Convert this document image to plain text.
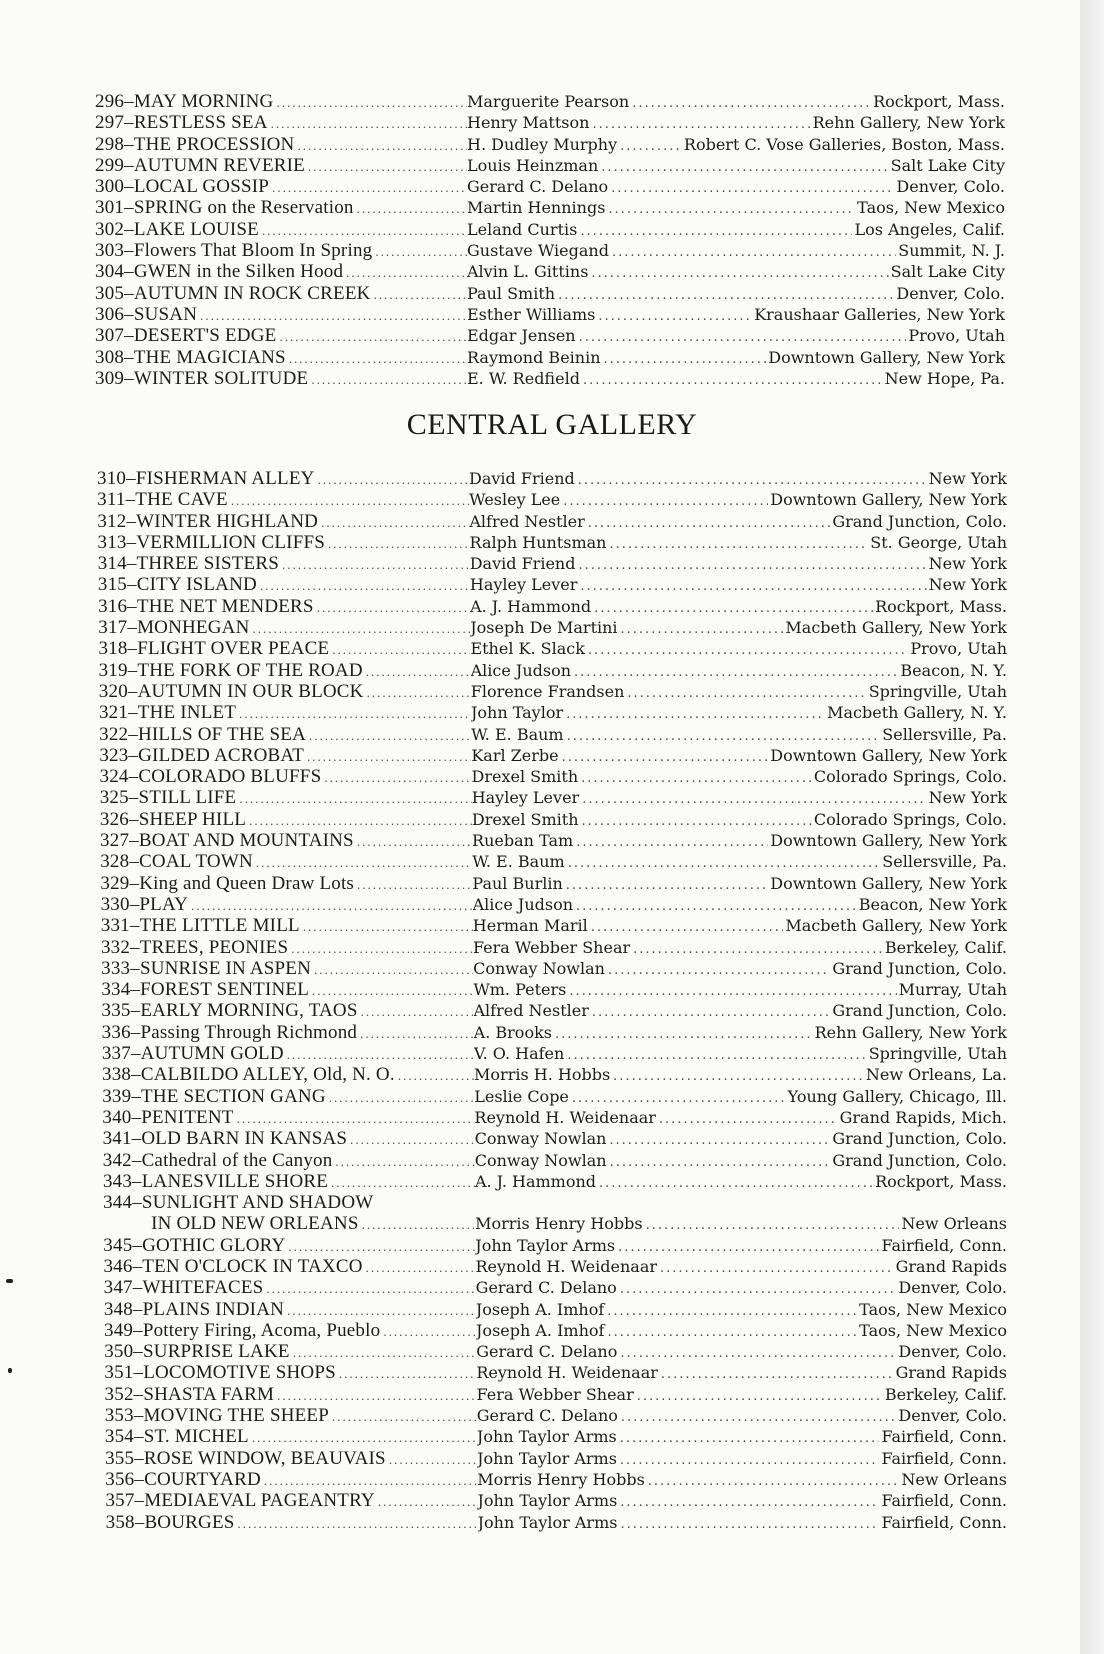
296– MAY MORNING .....	Marguerite Pearson .....	Rockport, Mass.
297– RESTLESS SEA .....	Henry Mattson .....	Rehn Gallery, New York
298– THE PROCESSION .....	H. Dudley Murphy .....	Robert C. Vose Galleries, Boston, Mass.
299– AUTUMN REVERIE .....	Louis Heinzman .....	Salt Lake City
300– LOCAL GOSSIP .....	Gerard C. Delano .....	Denver, Colo.
301– SPRING on the Reservation .....	Martin Hennings .....	Taos, New Mexico
302– LAKE LOUISE .....	Leland Curtis .....	Los Angeles, Calif.
303– Flowers That Bloom In Spring .....	Gustave Wiegand .....	Summit, N. J.
304– GWEN in the Silken Hood .....	Alvin L. Gittins .....	Salt Lake City
305– AUTUMN IN ROCK CREEK .....	Paul Smith .....	Denver, Colo.
306– SUSAN .....	Esther Williams .....	Kraushaar Galleries, New York
307– DESERT'S EDGE .....	Edgar Jensen .....	Provo, Utah
308– THE MAGICIANS .....	Raymond Beinin .....	Downtown Gallery, New York
309– WINTER SOLITUDE .....	E. W. Redfield .....	New Hope, Pa.
CENTRAL GALLERY
310– FISHERMAN ALLEY .....	David Friend .....	New York
311– THE CAVE .....	Wesley Lee .....	Downtown Gallery, New York
312– WINTER HIGHLAND .....	Alfred Nestler .....	Grand Junction, Colo.
313– VERMILLION CLIFFS .....	Ralph Huntsman .....	St. George, Utah
314– THREE SISTERS .....	David Friend .....	New York
315– CITY ISLAND .....	Hayley Lever .....	New York
316– THE NET MENDERS .....	A. J. Hammond .....	Rockport, Mass.
317– MONHEGAN .....	Joseph De Martini .....	Macbeth Gallery, New York
318– FLIGHT OVER PEACE .....	Ethel K. Slack .....	Provo, Utah
319– THE FORK OF THE ROAD .....	Alice Judson .....	Beacon, N. Y.
320– AUTUMN IN OUR BLOCK .....	Florence Frandsen .....	Springville, Utah
321– THE INLET .....	John Taylor .....	Macbeth Gallery, N. Y.
322– HILLS OF THE SEA .....	W. E. Baum .....	Sellersville, Pa.
323– GILDED ACROBAT .....	Karl Zerbe .....	Downtown Gallery, New York
324– COLORADO BLUFFS .....	Drexel Smith .....	Colorado Springs, Colo.
325– STILL LIFE .....	Hayley Lever .....	New York
326– SHEEP HILL .....	Drexel Smith .....	Colorado Springs, Colo.
327– BOAT AND MOUNTAINS .....	Rueban Tam .....	Downtown Gallery, New York
328– COAL TOWN .....	W. E. Baum .....	Sellersville, Pa.
329– King and Queen Draw Lots .....	Paul Burlin .....	Downtown Gallery, New York
330– PLAY .....	Alice Judson .....	Beacon, New York
331– THE LITTLE MILL .....	Herman Maril .....	Macbeth Gallery, New York
332– TREES, PEONIES .....	Fera Webber Shear .....	Berkeley, Calif.
333– SUNRISE IN ASPEN .....	Conway Nowlan .....	Grand Junction, Colo.
334– FOREST SENTINEL .....	Wm. Peters .....	Murray, Utah
335– EARLY MORNING, TAOS .....	Alfred Nestler .....	Grand Junction, Colo.
336– Passing Through Richmond .....	A. Brooks .....	Rehn Gallery, New York
337– AUTUMN GOLD .....	V. O. Hafen .....	Springville, Utah
338– CALBILDO ALLEY, Old, N. O. .....	Morris H. Hobbs .....	New Orleans, La.
339– THE SECTION GANG .....	Leslie Cope .....	Young Gallery, Chicago, Ill.
340– PENITENT .....	Reynold H. Weidenaar .....	Grand Rapids, Mich.
341– OLD BARN IN KANSAS .....	Conway Nowlan .....	Grand Junction, Colo.
342– Cathedral of the Canyon .....	Conway Nowlan .....	Grand Junction, Colo.
343– LANESVILLE SHORE .....	A. J. Hammond .....	Rockport, Mass.
344– SUNLIGHT AND SHADOW
IN OLD NEW ORLEANS .....	Morris Henry Hobbs .....	New Orleans
345– GOTHIC GLORY .....	John Taylor Arms .....	Fairfield, Conn.
346– TEN O'CLOCK IN TAXCO .....	Reynold H. Weidenaar .....	Grand Rapids
347– WHITEFACES .....	Gerard C. Delano .....	Denver, Colo.
348– PLAINS INDIAN .....	Joseph A. Imhof .....	Taos, New Mexico
349– Pottery Firing, Acoma, Pueblo .....	Joseph A. Imhof .....	Taos, New Mexico
350– SURPRISE LAKE .....	Gerard C. Delano .....	Denver, Colo.
351– LOCOMOTIVE SHOPS .....	Reynold H. Weidenaar .....	Grand Rapids
352– SHASTA FARM .....	Fera Webber Shear .....	Berkeley, Calif.
353– MOVING THE SHEEP .....	Gerard C. Delano .....	Denver, Colo.
354– ST. MICHEL .....	John Taylor Arms .....	Fairfield, Conn.
355– ROSE WINDOW, BEAUVAIS .....	John Taylor Arms .....	Fairfield, Conn.
356– COURTYARD .....	Morris Henry Hobbs .....	New Orleans
357– MEDIAEVAL PAGEANTRY .....	John Taylor Arms .....	Fairfield, Conn.
358– BOURGES .....	John Taylor Arms .....	Fairfield, Conn.
